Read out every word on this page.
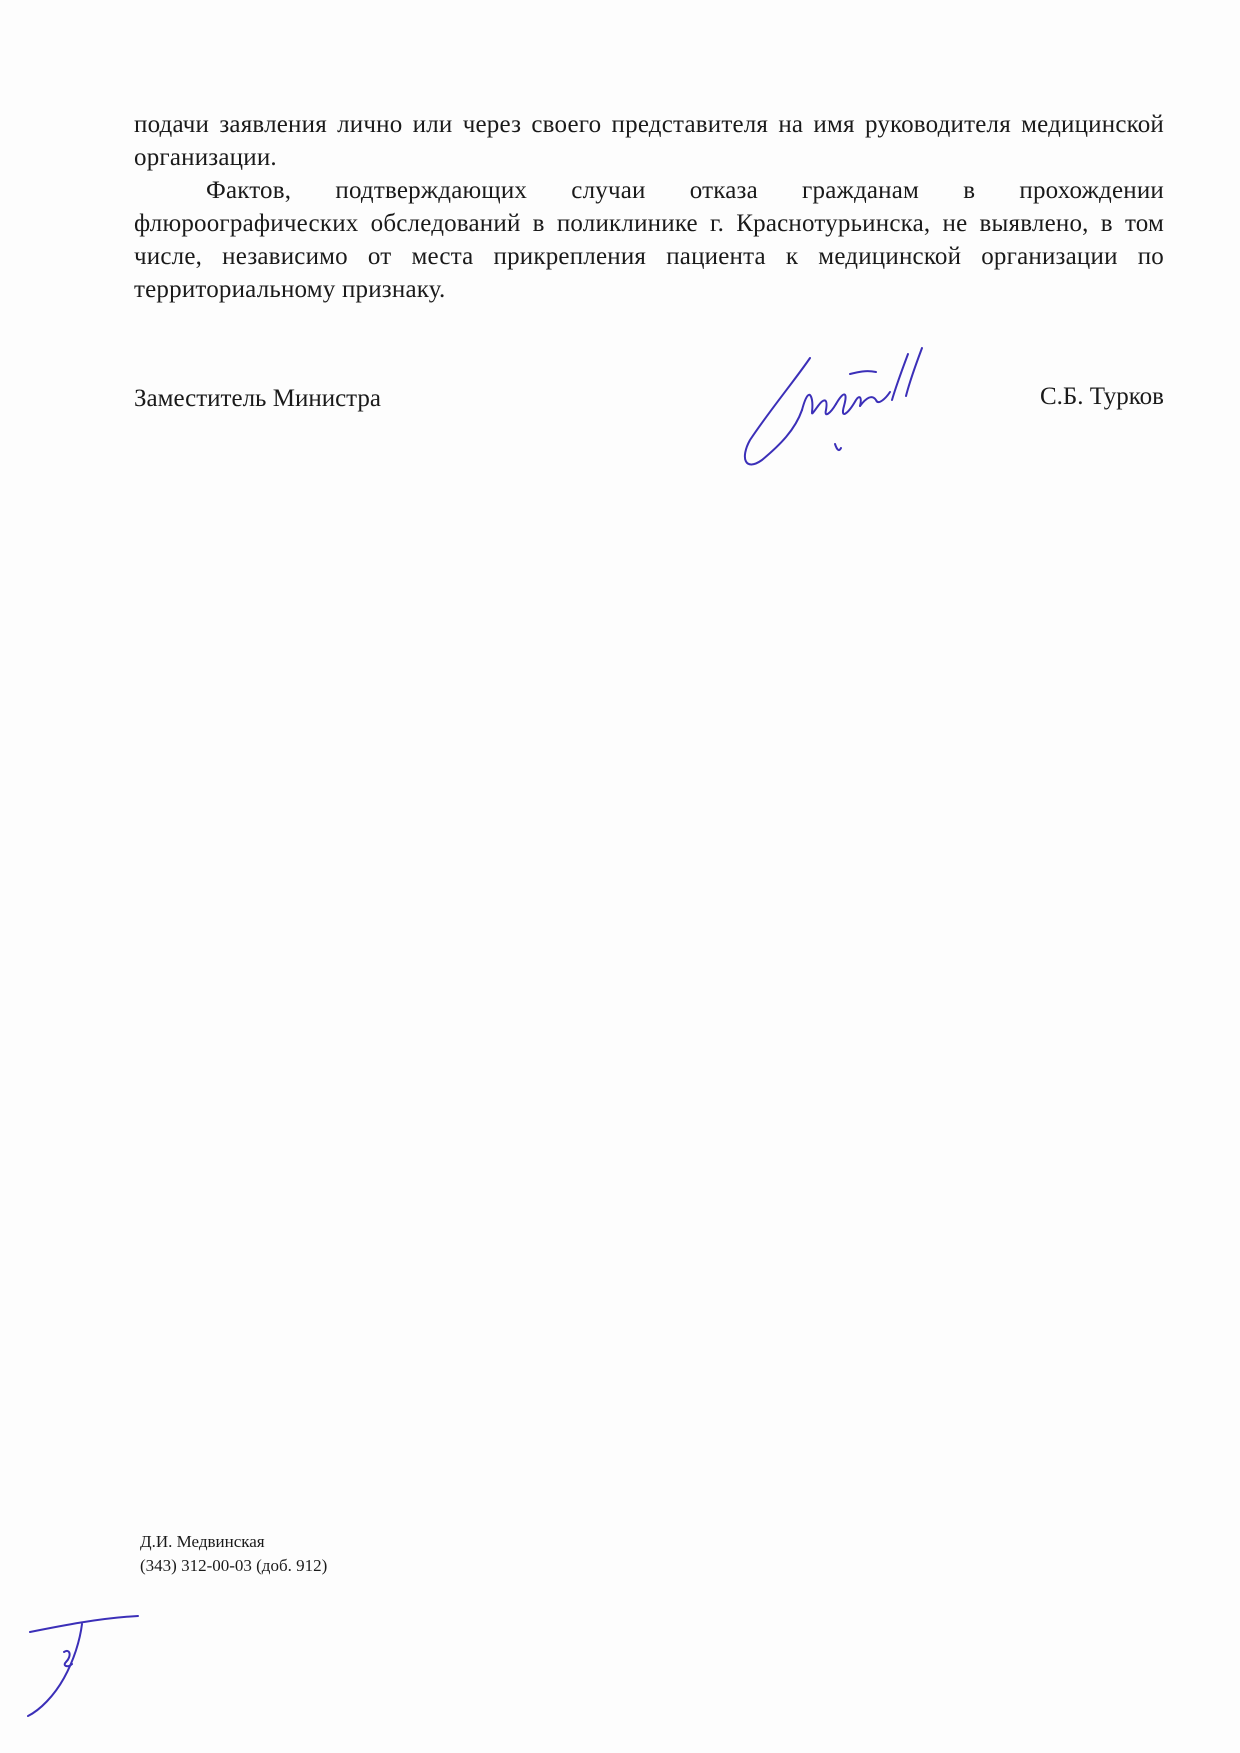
подачи заявления лично или через своего представителя на имя руководителя медицинской организации.

Фактов, подтверждающих случаи отказа гражданам в прохождении флюроографических обследований в поликлинике г. Краснотурьинска, не выявлено, в том числе, независимо от места прикрепления пациента к медицинской организации по территориальному признаку.

Заместитель Министра	С.Б. Турков
Д.И. Медвинская
(343) 312-00-03 (доб. 912)
